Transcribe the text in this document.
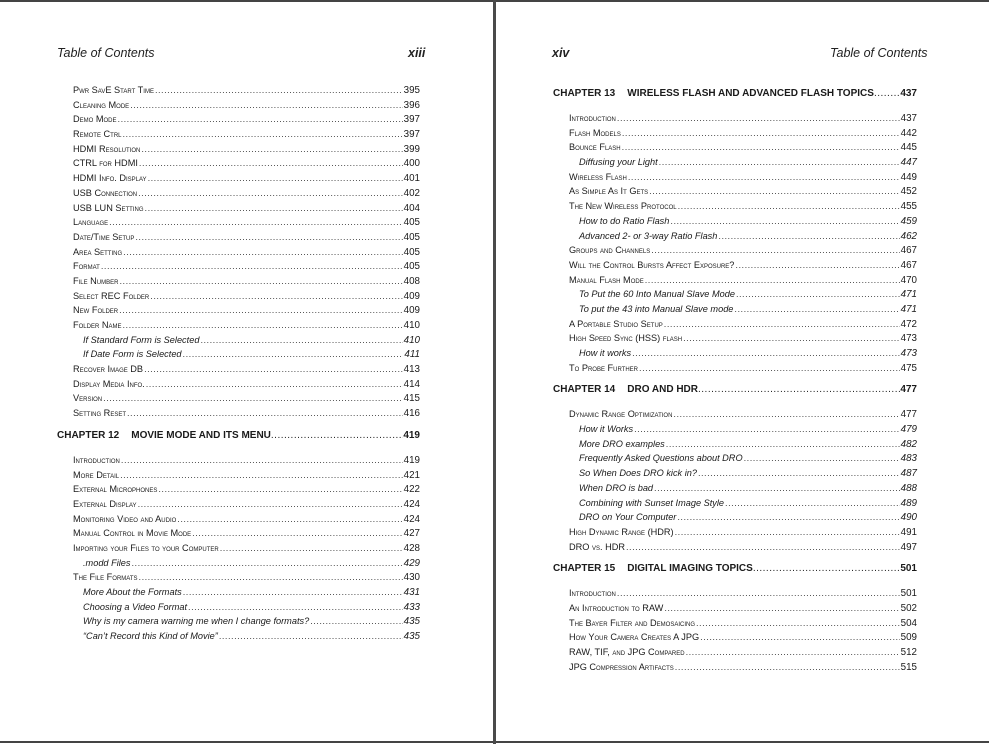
Table of Contents	xiii
Pwr SavE Start Time .....	395
Cleaning Mode .....	396
Demo Mode .....	397
Remote Ctrl .....	397
HDMI Resolution .....	399
CTRL for HDMI .....	400
HDMI Info. Display .....	401
USB Connection .....	402
USB LUN Setting .....	404
Language .....	405
Date/Time Setup .....	405
Area Setting .....	405
Format .....	405
File Number .....	408
Select REC Folder .....	409
New Folder .....	409
Folder Name .....	410
If Standard Form is Selected .....	410
If Date Form is Selected .....	411
Recover Image DB .....	413
Display Media Info. .....	414
Version .....	415
Setting Reset .....	416
CHAPTER 12	MOVIE MODE AND ITS MENU .....	419
Introduction .....	419
More Detail .....	421
External Microphones .....	422
External Display .....	424
Monitoring Video and Audio .....	424
Manual Control in Movie Mode .....	427
Importing your Files to your Computer .....	428
.modd Files .....	429
The File Formats .....	430
More About the Formats .....	431
Choosing a Video Format .....	433
Why is my camera warning me when I change formats? .....	435
“Can’t Record this Kind of Movie” .....	435
xiv	Table of Contents
CHAPTER 13	WIRELESS FLASH AND ADVANCED FLASH TOPICS .....	437
Introduction .....	437
Flash Models .....	442
Bounce Flash .....	445
Diffusing your Light .....	447
Wireless Flash .....	449
As Simple As It Gets .....	452
The New Wireless Protocol .....	455
How to do Ratio Flash .....	459
Advanced 2- or 3-way Ratio Flash .....	462
Groups and Channels .....	467
Will the Control Bursts Affect Exposure? .....	467
Manual Flash Mode .....	470
To Put the 60 Into Manual Slave Mode .....	471
To put the 43 into Manual Slave mode .....	471
A Portable Studio Setup .....	472
High Speed Sync (HSS) flash .....	473
How it works .....	473
To Probe Further .....	475
CHAPTER 14	DRO AND HDR .....	477
Dynamic Range Optimization .....	477
How it Works .....	479
More DRO examples .....	482
Frequently Asked Questions about DRO .....	483
So When Does DRO kick in? .....	487
When DRO is bad .....	488
Combining with Sunset Image Style .....	489
DRO on Your Computer .....	490
High Dynamic Range (HDR) .....	491
DRO vs. HDR .....	497
CHAPTER 15	DIGITAL IMAGING TOPICS .....	501
Introduction .....	501
An Introduction to RAW .....	502
The Bayer Filter and Demosaicing .....	504
How Your Camera Creates A JPG .....	509
RAW, TIF, and JPG Compared .....	512
JPG Compression Artifacts .....	515
